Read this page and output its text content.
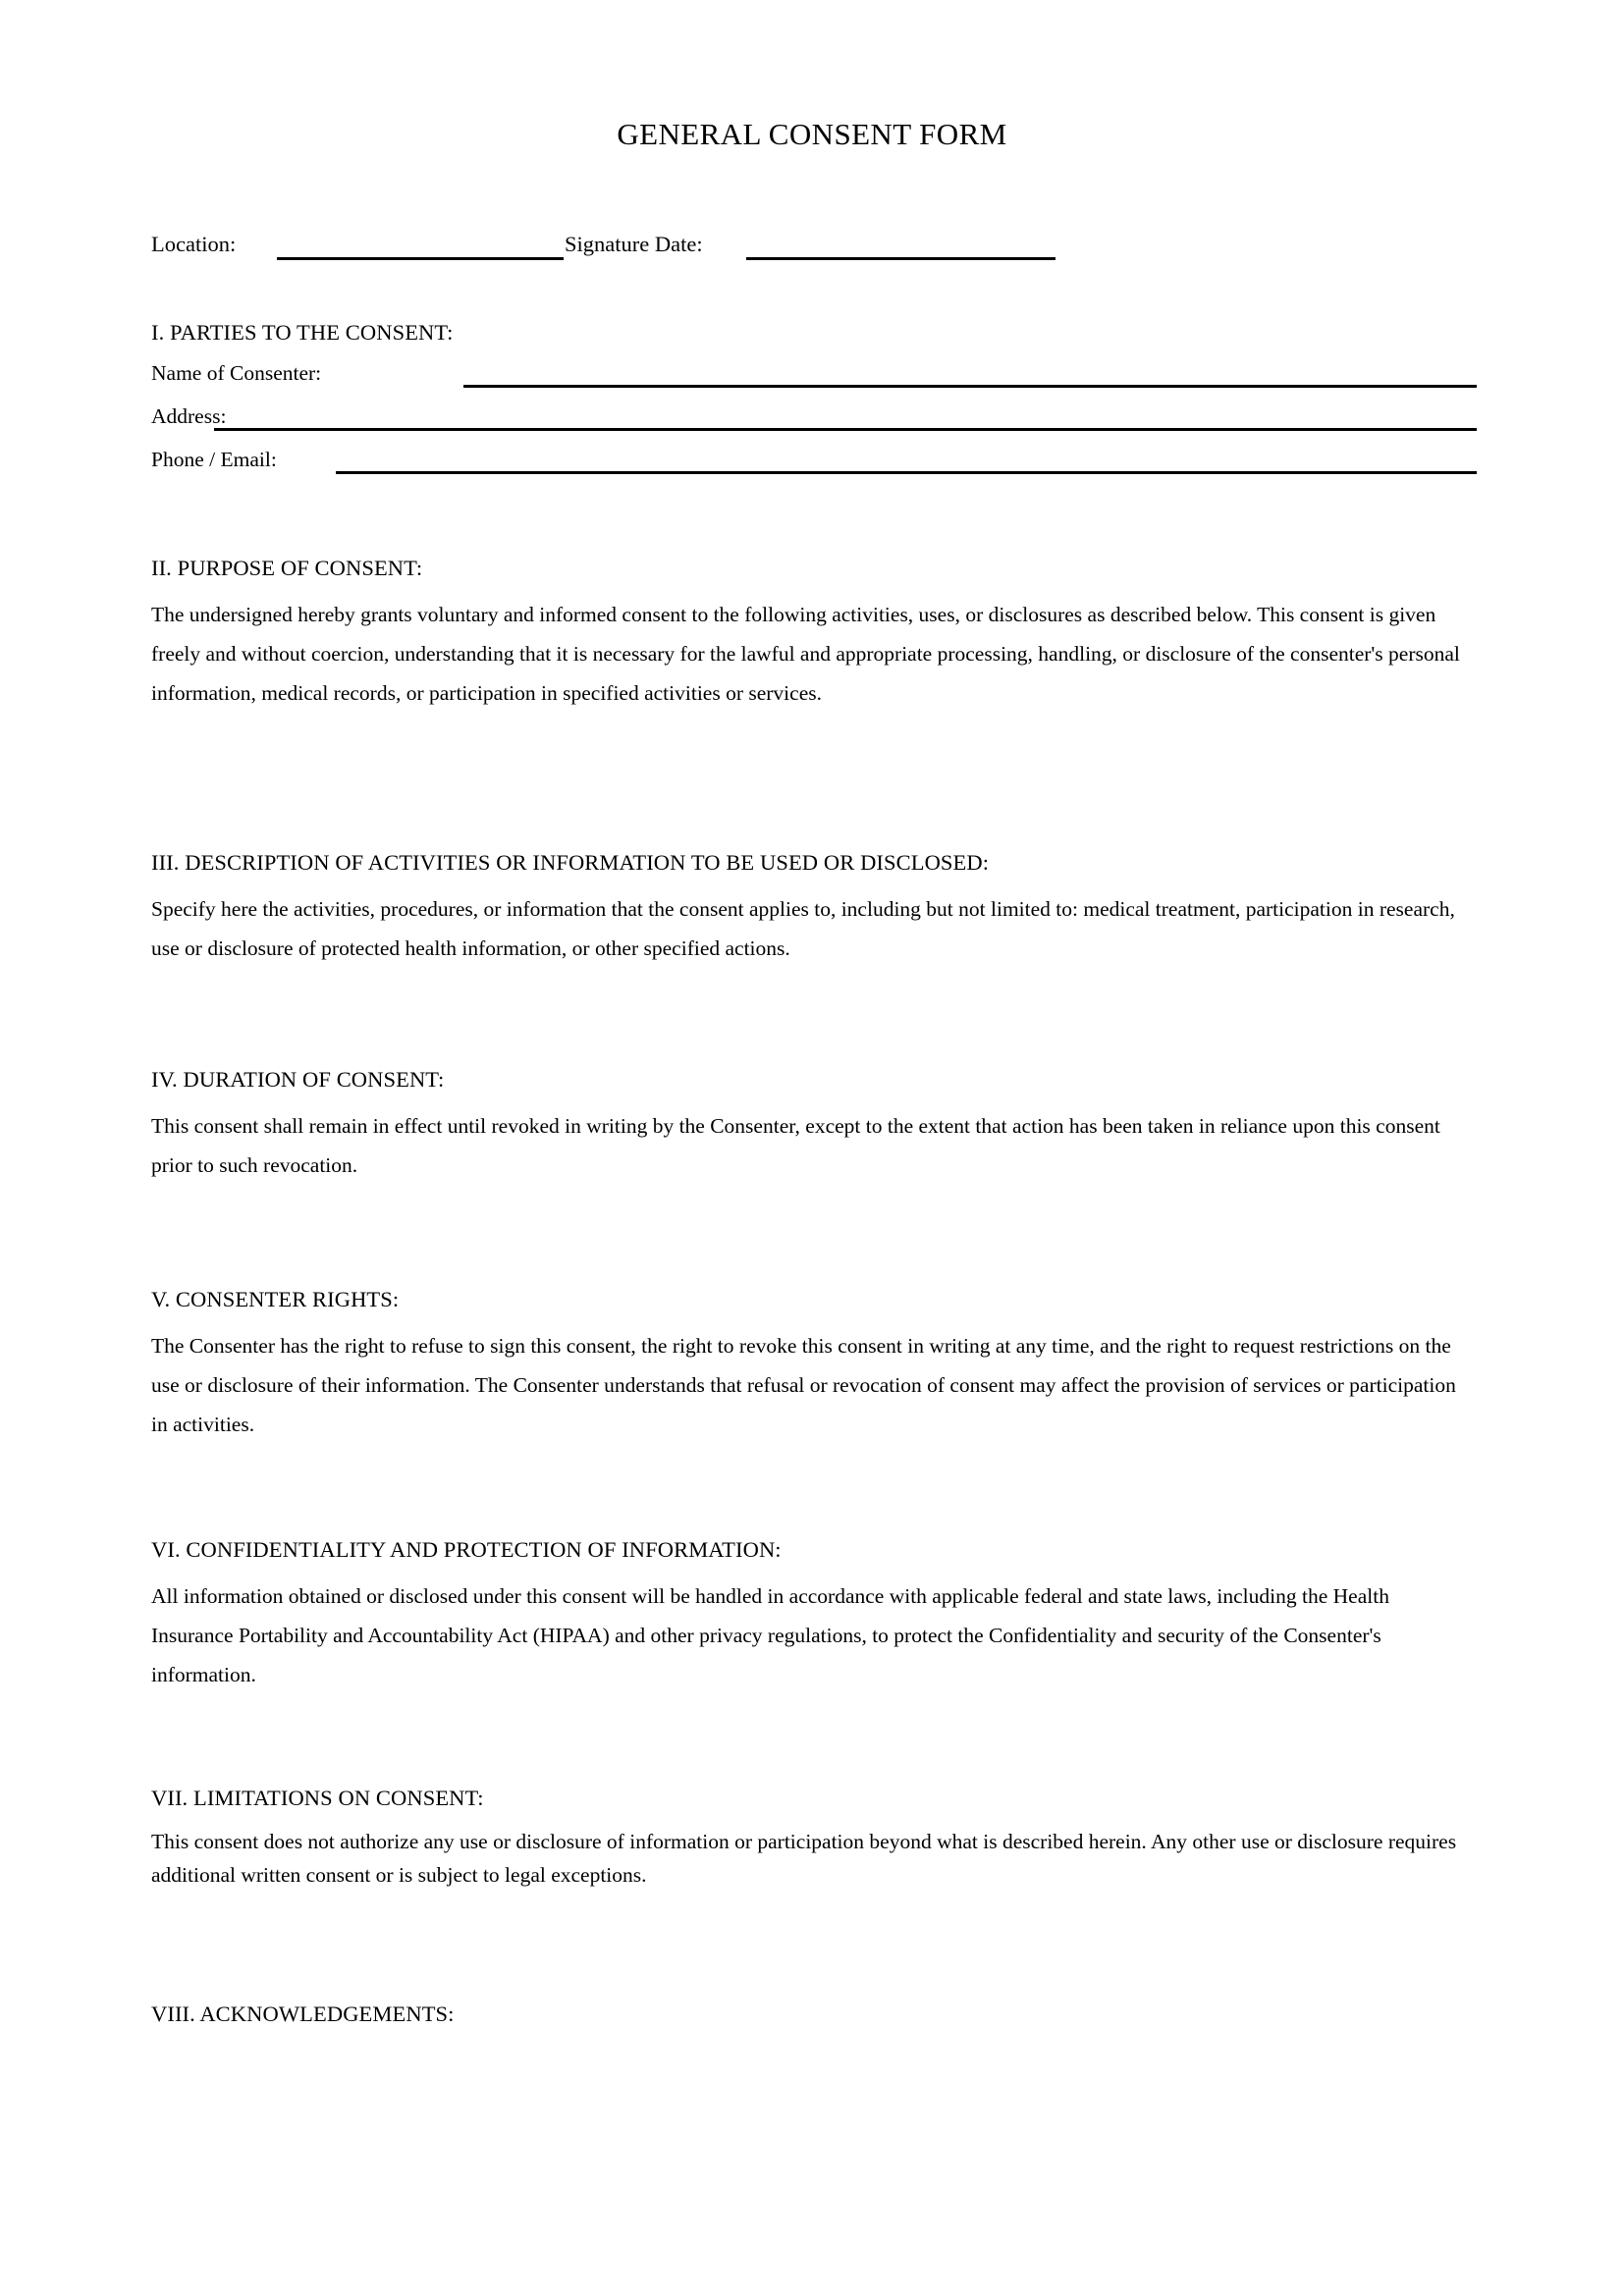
GENERAL CONSENT FORM
Location:	Signature Date:
I. PARTIES TO THE CONSENT:
Name of Consenter:
Address:
Phone / Email:
II. PURPOSE OF CONSENT:

The undersigned hereby grants voluntary and informed consent to the following activities, uses, or disclosures as described below. This consent is given freely and without coercion, understanding that it is necessary for the lawful and appropriate processing, handling, or disclosure of the consenter's personal information, medical records, or participation in specified activities or services.

III. DESCRIPTION OF ACTIVITIES OR INFORMATION TO BE USED OR DISCLOSED:

Specify here the activities, procedures, or information that the consent applies to, including but not limited to: medical treatment, participation in research, use or disclosure of protected health information, or other specified actions.

IV. DURATION OF CONSENT:

This consent shall remain in effect until revoked in writing by the Consenter, except to the extent that action has been taken in reliance upon this consent prior to such revocation.

V. CONSENTER RIGHTS:

The Consenter has the right to refuse to sign this consent, the right to revoke this consent in writing at any time, and the right to request restrictions on the use or disclosure of their information. The Consenter understands that refusal or revocation of consent may affect the provision of services or participation in activities.

VI. CONFIDENTIALITY AND PROTECTION OF INFORMATION:

All information obtained or disclosed under this consent will be handled in accordance with applicable federal and state laws, including the Health Insurance Portability and Accountability Act (HIPAA) and other privacy regulations, to protect the Confidentiality and security of the Consenter's information.

VII. LIMITATIONS ON CONSENT:

This consent does not authorize any use or disclosure of information or participation beyond what is described herein. Any other use or disclosure requires additional written consent or is subject to legal exceptions.

VIII. ACKNOWLEDGEMENTS:
